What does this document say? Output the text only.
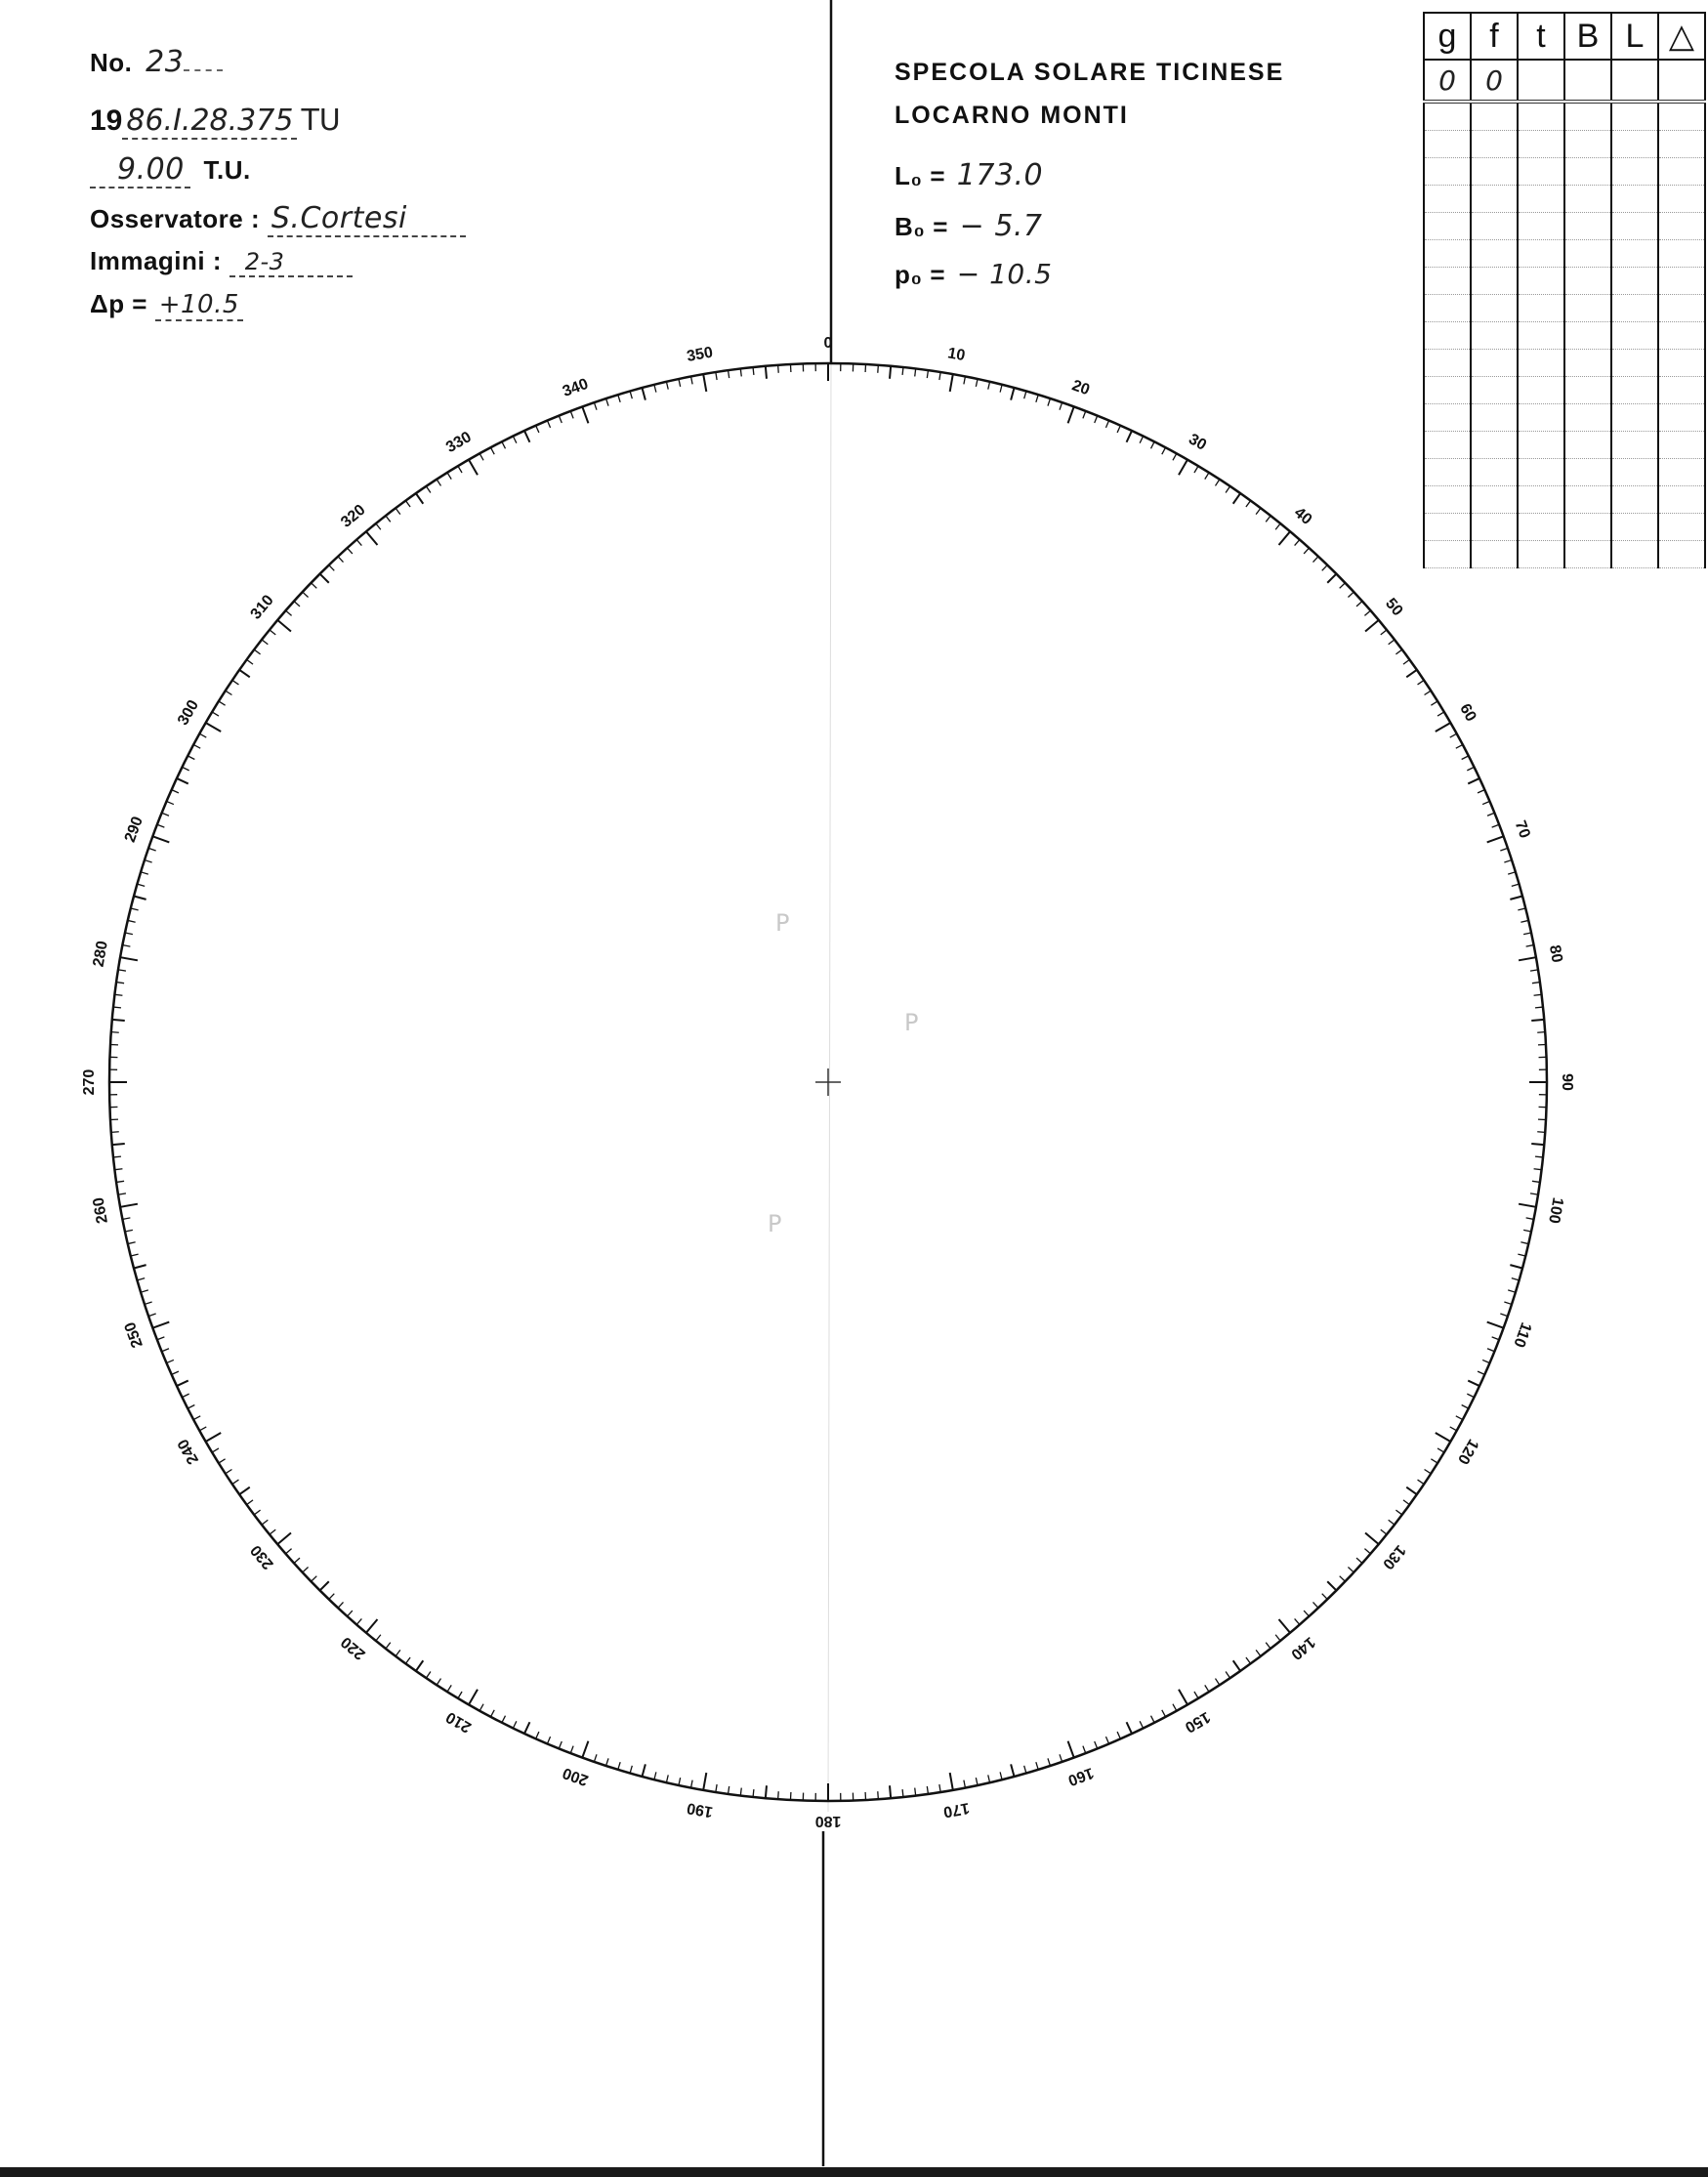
0
10
20
30
40
50
60
70
80
90
100
110
120
130
140
150
160
170
180
190
200
210
220
230
240
250
260
270
280
290
300
310
320
330
340
350
P
P
P
No. 23
19 86.I.28.375 TU
9.00 T.U.
Osservatore : S.Cortesi
Immagini : 2-3
Δp = +10.5
SPECOLA SOLARE TICINESE
LOCARNO MONTI
L₀ = 173.0
B₀ = − 5.7
p₀ = − 10.5
g	f	t	B	L	△
0	0				
